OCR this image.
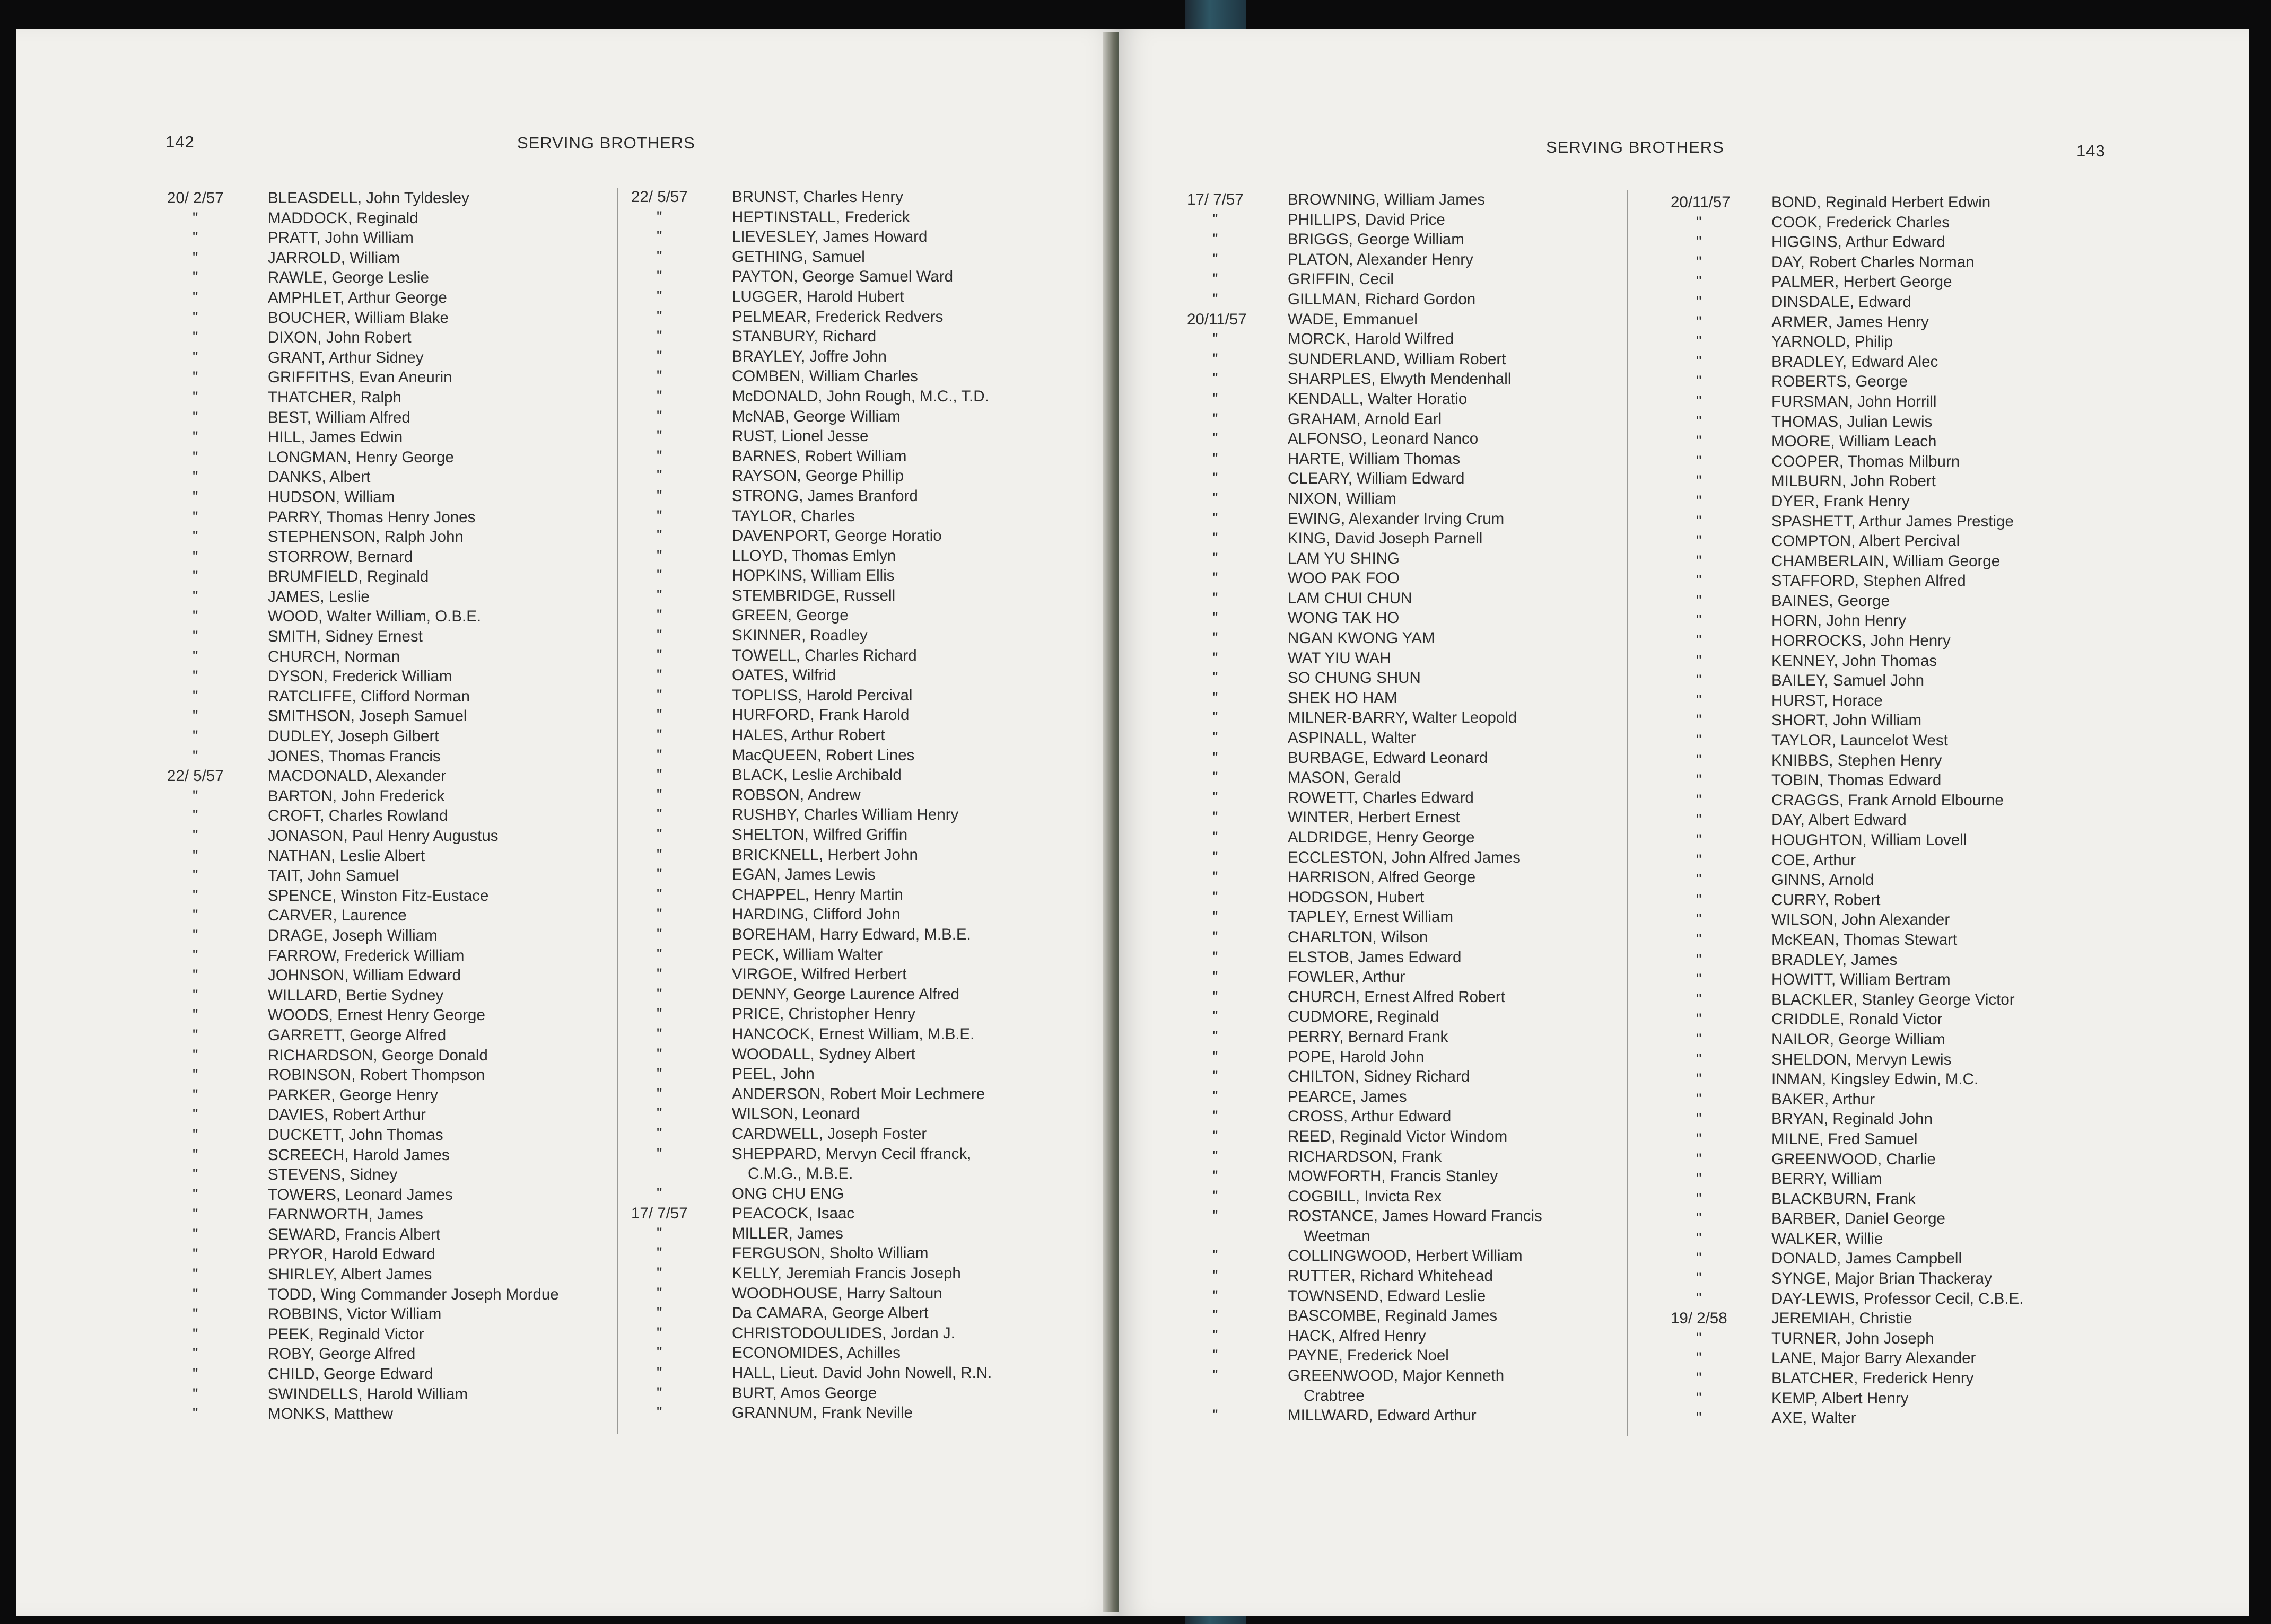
142	SERVING BROTHERS
20/ 2/57	BLEASDELL, John Tyldesley
"	MADDOCK, Reginald
"	PRATT, John William
"	JARROLD, William
"	RAWLE, George Leslie
"	AMPHLET, Arthur George
"	BOUCHER, William Blake
"	DIXON, John Robert
"	GRANT, Arthur Sidney
"	GRIFFITHS, Evan Aneurin
"	THATCHER, Ralph
"	BEST, William Alfred
"	HILL, James Edwin
"	LONGMAN, Henry George
"	DANKS, Albert
"	HUDSON, William
"	PARRY, Thomas Henry Jones
"	STEPHENSON, Ralph John
"	STORROW, Bernard
"	BRUMFIELD, Reginald
"	JAMES, Leslie
"	WOOD, Walter William, O.B.E.
"	SMITH, Sidney Ernest
"	CHURCH, Norman
"	DYSON, Frederick William
"	RATCLIFFE, Clifford Norman
"	SMITHSON, Joseph Samuel
"	DUDLEY, Joseph Gilbert
"	JONES, Thomas Francis
22/ 5/57	MACDONALD, Alexander
"	BARTON, John Frederick
"	CROFT, Charles Rowland
"	JONASON, Paul Henry Augustus
"	NATHAN, Leslie Albert
"	TAIT, John Samuel
"	SPENCE, Winston Fitz-Eustace
"	CARVER, Laurence
"	DRAGE, Joseph William
"	FARROW, Frederick William
"	JOHNSON, William Edward
"	WILLARD, Bertie Sydney
"	WOODS, Ernest Henry George
"	GARRETT, George Alfred
"	RICHARDSON, George Donald
"	ROBINSON, Robert Thompson
"	PARKER, George Henry
"	DAVIES, Robert Arthur
"	DUCKETT, John Thomas
"	SCREECH, Harold James
"	STEVENS, Sidney
"	TOWERS, Leonard James
"	FARNWORTH, James
"	SEWARD, Francis Albert
"	PRYOR, Harold Edward
"	SHIRLEY, Albert James
"	TODD, Wing Commander Joseph Mordue
"	ROBBINS, Victor William
"	PEEK, Reginald Victor
"	ROBY, George Alfred
"	CHILD, George Edward
"	SWINDELLS, Harold William
"	MONKS, Matthew
22/ 5/57	BRUNST, Charles Henry
"	HEPTINSTALL, Frederick
"	LIEVESLEY, James Howard
"	GETHING, Samuel
"	PAYTON, George Samuel Ward
"	LUGGER, Harold Hubert
"	PELMEAR, Frederick Redvers
"	STANBURY, Richard
"	BRAYLEY, Joffre John
"	COMBEN, William Charles
"	McDONALD, John Rough, M.C., T.D.
"	McNAB, George William
"	RUST, Lionel Jesse
"	BARNES, Robert William
"	RAYSON, George Phillip
"	STRONG, James Branford
"	TAYLOR, Charles
"	DAVENPORT, George Horatio
"	LLOYD, Thomas Emlyn
"	HOPKINS, William Ellis
"	STEMBRIDGE, Russell
"	GREEN, George
"	SKINNER, Roadley
"	TOWELL, Charles Richard
"	OATES, Wilfrid
"	TOPLISS, Harold Percival
"	HURFORD, Frank Harold
"	HALES, Arthur Robert
"	MacQUEEN, Robert Lines
"	BLACK, Leslie Archibald
"	ROBSON, Andrew
"	RUSHBY, Charles William Henry
"	SHELTON, Wilfred Griffin
"	BRICKNELL, Herbert John
"	EGAN, James Lewis
"	CHAPPEL, Henry Martin
"	HARDING, Clifford John
"	BOREHAM, Harry Edward, M.B.E.
"	PECK, William Walter
"	VIRGOE, Wilfred Herbert
"	DENNY, George Laurence Alfred
"	PRICE, Christopher Henry
"	HANCOCK, Ernest William, M.B.E.
"	WOODALL, Sydney Albert
"	PEEL, John
"	ANDERSON, Robert Moir Lechmere
"	WILSON, Leonard
"	CARDWELL, Joseph Foster
"	SHEPPARD, Mervyn Cecil ffranck,
C.M.G., M.B.E.
"	ONG CHU ENG
17/ 7/57	PEACOCK, Isaac
"	MILLER, James
"	FERGUSON, Sholto William
"	KELLY, Jeremiah Francis Joseph
"	WOODHOUSE, Harry Saltoun
"	Da CAMARA, George Albert
"	CHRISTODOULIDES, Jordan J.
"	ECONOMIDES, Achilles
"	HALL, Lieut. David John Nowell, R.N.
"	BURT, Amos George
"	GRANNUM, Frank Neville
SERVING BROTHERS	143
17/ 7/57	BROWNING, William James
"	PHILLIPS, David Price
"	BRIGGS, George William
"	PLATON, Alexander Henry
"	GRIFFIN, Cecil
"	GILLMAN, Richard Gordon
20/11/57	WADE, Emmanuel
"	MORCK, Harold Wilfred
"	SUNDERLAND, William Robert
"	SHARPLES, Elwyth Mendenhall
"	KENDALL, Walter Horatio
"	GRAHAM, Arnold Earl
"	ALFONSO, Leonard Nanco
"	HARTE, William Thomas
"	CLEARY, William Edward
"	NIXON, William
"	EWING, Alexander Irving Crum
"	KING, David Joseph Parnell
"	LAM YU SHING
"	WOO PAK FOO
"	LAM CHUI CHUN
"	WONG TAK HO
"	NGAN KWONG YAM
"	WAT YIU WAH
"	SO CHUNG SHUN
"	SHEK HO HAM
"	MILNER-BARRY, Walter Leopold
"	ASPINALL, Walter
"	BURBAGE, Edward Leonard
"	MASON, Gerald
"	ROWETT, Charles Edward
"	WINTER, Herbert Ernest
"	ALDRIDGE, Henry George
"	ECCLESTON, John Alfred James
"	HARRISON, Alfred George
"	HODGSON, Hubert
"	TAPLEY, Ernest William
"	CHARLTON, Wilson
"	ELSTOB, James Edward
"	FOWLER, Arthur
"	CHURCH, Ernest Alfred Robert
"	CUDMORE, Reginald
"	PERRY, Bernard Frank
"	POPE, Harold John
"	CHILTON, Sidney Richard
"	PEARCE, James
"	CROSS, Arthur Edward
"	REED, Reginald Victor Windom
"	RICHARDSON, Frank
"	MOWFORTH, Francis Stanley
"	COGBILL, Invicta Rex
"	ROSTANCE, James Howard Francis
Weetman
"	COLLINGWOOD, Herbert William
"	RUTTER, Richard Whitehead
"	TOWNSEND, Edward Leslie
"	BASCOMBE, Reginald James
"	HACK, Alfred Henry
"	PAYNE, Frederick Noel
"	GREENWOOD, Major Kenneth
Crabtree
"	MILLWARD, Edward Arthur
20/11/57	BOND, Reginald Herbert Edwin
"	COOK, Frederick Charles
"	HIGGINS, Arthur Edward
"	DAY, Robert Charles Norman
"	PALMER, Herbert George
"	DINSDALE, Edward
"	ARMER, James Henry
"	YARNOLD, Philip
"	BRADLEY, Edward Alec
"	ROBERTS, George
"	FURSMAN, John Horrill
"	THOMAS, Julian Lewis
"	MOORE, William Leach
"	COOPER, Thomas Milburn
"	MILBURN, John Robert
"	DYER, Frank Henry
"	SPASHETT, Arthur James Prestige
"	COMPTON, Albert Percival
"	CHAMBERLAIN, William George
"	STAFFORD, Stephen Alfred
"	BAINES, George
"	HORN, John Henry
"	HORROCKS, John Henry
"	KENNEY, John Thomas
"	BAILEY, Samuel John
"	HURST, Horace
"	SHORT, John William
"	TAYLOR, Launcelot West
"	KNIBBS, Stephen Henry
"	TOBIN, Thomas Edward
"	CRAGGS, Frank Arnold Elbourne
"	DAY, Albert Edward
"	HOUGHTON, William Lovell
"	COE, Arthur
"	GINNS, Arnold
"	CURRY, Robert
"	WILSON, John Alexander
"	McKEAN, Thomas Stewart
"	BRADLEY, James
"	HOWITT, William Bertram
"	BLACKLER, Stanley George Victor
"	CRIDDLE, Ronald Victor
"	NAILOR, George William
"	SHELDON, Mervyn Lewis
"	INMAN, Kingsley Edwin, M.C.
"	BAKER, Arthur
"	BRYAN, Reginald John
"	MILNE, Fred Samuel
"	GREENWOOD, Charlie
"	BERRY, William
"	BLACKBURN, Frank
"	BARBER, Daniel George
"	WALKER, Willie
"	DONALD, James Campbell
"	SYNGE, Major Brian Thackeray
"	DAY-LEWIS, Professor Cecil, C.B.E.
19/ 2/58	JEREMIAH, Christie
"	TURNER, John Joseph
"	LANE, Major Barry Alexander
"	BLATCHER, Frederick Henry
"	KEMP, Albert Henry
"	AXE, Walter
